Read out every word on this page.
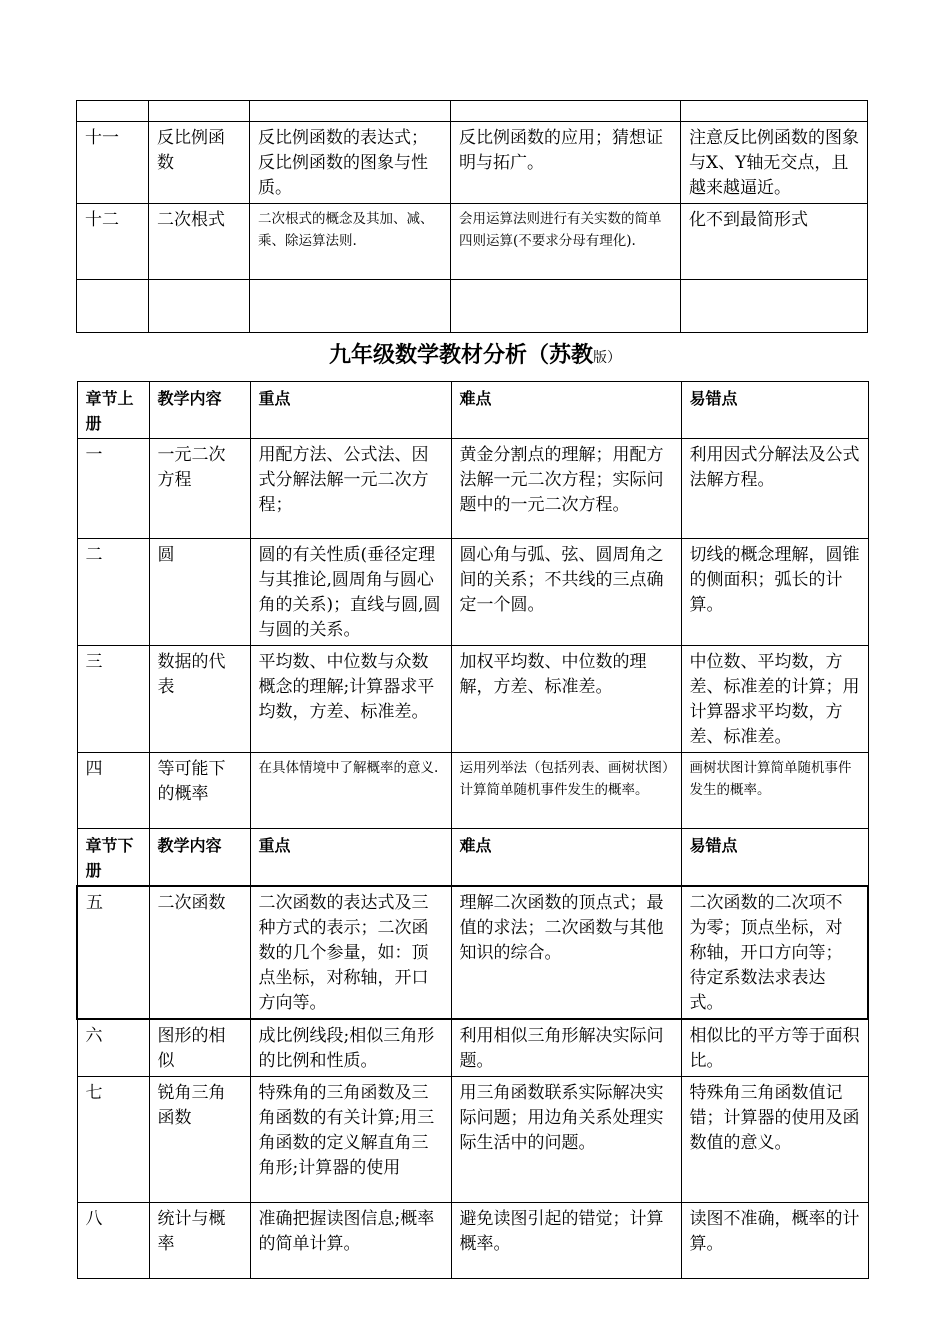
十一	反比例函数	反比例函数的表达式；反比例函数的图象与性质。	反比例函数的应用；猜想证明与拓广。	注意反比例函数的图象与X、Y轴无交点，且越来越逼近。
十二	二次根式	二次根式的概念及其加、减、乘、除运算法则.	会用运算法则进行有关实数的简单四则运算(不要求分母有理化).	化不到最简形式

九年级数学教材分析（苏教版）
章节上册	教学内容	重点	难点	易错点
一	一元二次方程	用配方法、公式法、因式分解法解一元二次方程；	黄金分割点的理解；用配方法解一元二次方程；实际问题中的一元二次方程。	利用因式分解法及公式法解方程。
二	圆	圆的有关性质(垂径定理与其推论,圆周角与圆心角的关系)；直线与圆,圆与圆的关系。	圆心角与弧、弦、圆周角之间的关系；不共线的三点确定一个圆。	切线的概念理解，圆锥的侧面积；弧长的计算。
三	数据的代表	平均数、中位数与众数概念的理解;计算器求平均数，方差、标准差。	加权平均数、中位数的理解，方差、标准差。	中位数、平均数，方差、标准差的计算；用计算器求平均数，方差、标准差。
四	等可能下的概率	在具体情境中了解概率的意义.	运用列举法（包括列表、画树状图）计算简单随机事件发生的概率。	画树状图计算简单随机事件发生的概率。
章节下册	教学内容	重点	难点	易错点
五	二次函数	二次函数的表达式及三种方式的表示；二次函数的几个参量，如：顶点坐标，对称轴，开口方向等。	理解二次函数的顶点式；最值的求法；二次函数与其他知识的综合。	二次函数的二次项不为零；顶点坐标，对称轴，开口方向等；待定系数法求表达式。
六	图形的相似	成比例线段;相似三角形的比例和性质。	利用相似三角形解决实际问题。	相似比的平方等于面积比。
七	锐角三角函数	特殊角的三角函数及三角函数的有关计算;用三角函数的定义解直角三角形;计算器的使用	用三角函数联系实际解决实际问题；用边角关系处理实际生活中的问题。	特殊角三角函数值记错；计算器的使用及函数值的意义。
八	统计与概率	准确把握读图信息;概率的简单计算。	避免读图引起的错觉；计算概率。	读图不准确，概率的计算。
